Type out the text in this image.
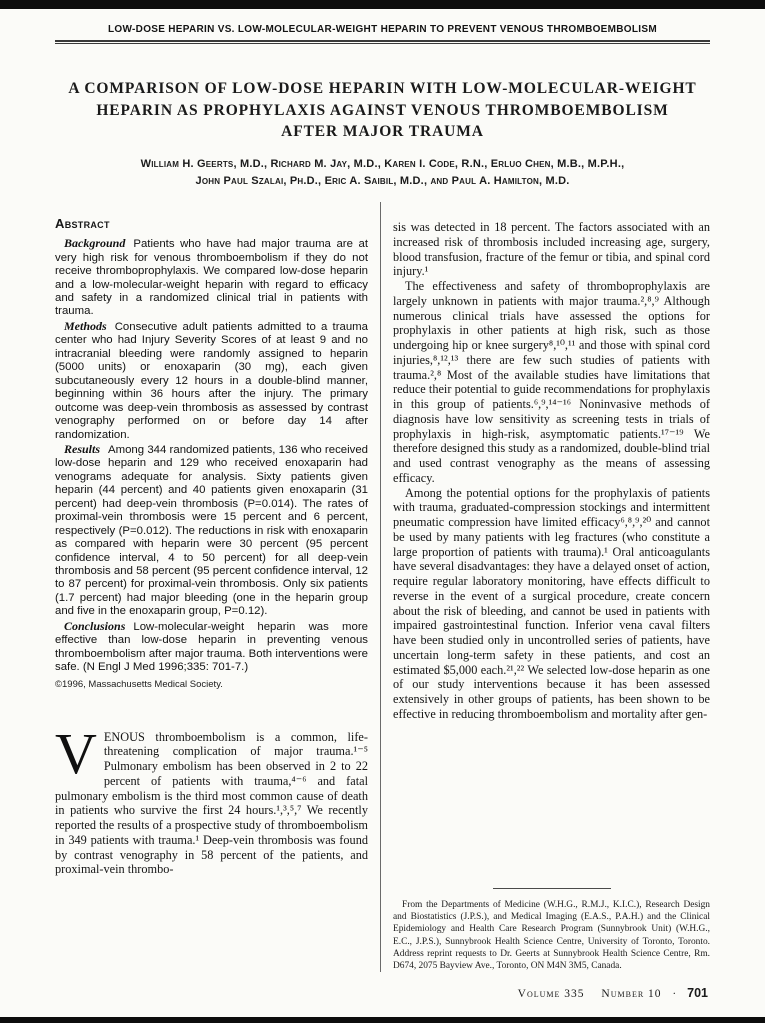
LOW-DOSE HEPARIN VS. LOW-MOLECULAR-WEIGHT HEPARIN TO PREVENT VENOUS THROMBOEMBOLISM
A COMPARISON OF LOW-DOSE HEPARIN WITH LOW-MOLECULAR-WEIGHT
HEPARIN AS PROPHYLAXIS AGAINST VENOUS THROMBOEMBOLISM
AFTER MAJOR TRAUMA
William H. Geerts, M.D., Richard M. Jay, M.D., Karen I. Code, R.N., Erluo Chen, M.B., M.P.H.,
John Paul Szalai, Ph.D., Eric A. Saibil, M.D., and Paul A. Hamilton, M.D.
Abstract

Background Patients who have had major trauma are at very high risk for venous thromboembolism if they do not receive thromboprophylaxis. We compared low-dose heparin and a low-molecular-weight heparin with regard to efficacy and safety in a randomized clinical trial in patients with trauma.

Methods Consecutive adult patients admitted to a trauma center who had Injury Severity Scores of at least 9 and no intracranial bleeding were randomly assigned to heparin (5000 units) or enoxaparin (30 mg), each given subcutaneously every 12 hours in a double-blind manner, beginning within 36 hours after the injury. The primary outcome was deep-vein thrombosis as assessed by contrast venography performed on or before day 14 after randomization.

Results Among 344 randomized patients, 136 who received low-dose heparin and 129 who received enoxaparin had venograms adequate for analysis. Sixty patients given heparin (44 percent) and 40 patients given enoxaparin (31 percent) had deep-vein thrombosis (P=0.014). The rates of proximal-vein thrombosis were 15 percent and 6 percent, respectively (P=0.012). The reductions in risk with enoxaparin as compared with heparin were 30 percent (95 percent confidence interval, 4 to 50 percent) for all deep-vein thrombosis and 58 percent (95 percent confidence interval, 12 to 87 percent) for proximal-vein thrombosis. Only six patients (1.7 percent) had major bleeding (one in the heparin group and five in the enoxaparin group, P=0.12).

Conclusions Low-molecular-weight heparin was more effective than low-dose heparin in preventing venous thromboembolism after major trauma. Both interventions were safe. (N Engl J Med 1996;335: 701-7.)

©1996, Massachusetts Medical Society.

VENOUS thromboembolism is a common, life-threatening complication of major trauma.¹⁻⁵ Pulmonary embolism has been observed in 2 to 22 percent of patients with trauma,⁴⁻⁶ and fatal pulmonary embolism is the third most common cause of death in patients who survive the first 24 hours.¹,³,⁵,⁷ We recently reported the results of a prospective study of thromboembolism in 349 patients with trauma.¹ Deep-vein thrombosis was found by contrast venography in 58 percent of the patients, and proximal-vein thrombo-

sis was detected in 18 percent. The factors associated with an increased risk of thrombosis included increasing age, surgery, blood transfusion, fracture of the femur or tibia, and spinal cord injury.¹

The effectiveness and safety of thromboprophylaxis are largely unknown in patients with major trauma.²,⁸,⁹ Although numerous clinical trials have assessed the options for prophylaxis in other patients at high risk, such as those undergoing hip or knee surgery⁸,¹⁰,¹¹ and those with spinal cord injuries,⁸,¹²,¹³ there are few such studies of patients with trauma.²,⁸ Most of the available studies have limitations that reduce their potential to guide recommendations for prophylaxis in this group of patients.⁶,⁹,¹⁴⁻¹⁶ Noninvasive methods of diagnosis have low sensitivity as screening tests in trials of prophylaxis in high-risk, asymptomatic patients.¹⁷⁻¹⁹ We therefore designed this study as a randomized, double-blind trial and used contrast venography as the means of assessing efficacy.

Among the potential options for the prophylaxis of patients with trauma, graduated-compression stockings and intermittent pneumatic compression have limited efficacy⁶,⁸,⁹,²⁰ and cannot be used by many patients with leg fractures (who constitute a large proportion of patients with trauma).¹ Oral anticoagulants have several disadvantages: they have a delayed onset of action, require regular laboratory monitoring, have effects difficult to reverse in the event of a surgical procedure, create concern about the risk of bleeding, and cannot be used in patients with impaired gastrointestinal function. Inferior vena caval filters have been studied only in uncontrolled series of patients, have uncertain long-term safety in these patients, and cost an estimated $5,000 each.²¹,²² We selected low-dose heparin as one of our study interventions because it has been assessed extensively in other groups of patients, has been shown to be effective in reducing thromboembolism and mortality after gen-

From the Departments of Medicine (W.H.G., R.M.J., K.I.C.), Research Design and Biostatistics (J.P.S.), and Medical Imaging (E.A.S., P.A.H.) and the Clinical Epidemiology and Health Care Research Program (Sunnybrook Unit) (W.H.G., E.C., J.P.S.), Sunnybrook Health Science Centre, University of Toronto, Toronto. Address reprint requests to Dr. Geerts at Sunnybrook Health Science Centre, Rm. D674, 2075 Bayview Ave., Toronto, ON M4N 3M5, Canada.

Volume 335 Number 10 · 701
